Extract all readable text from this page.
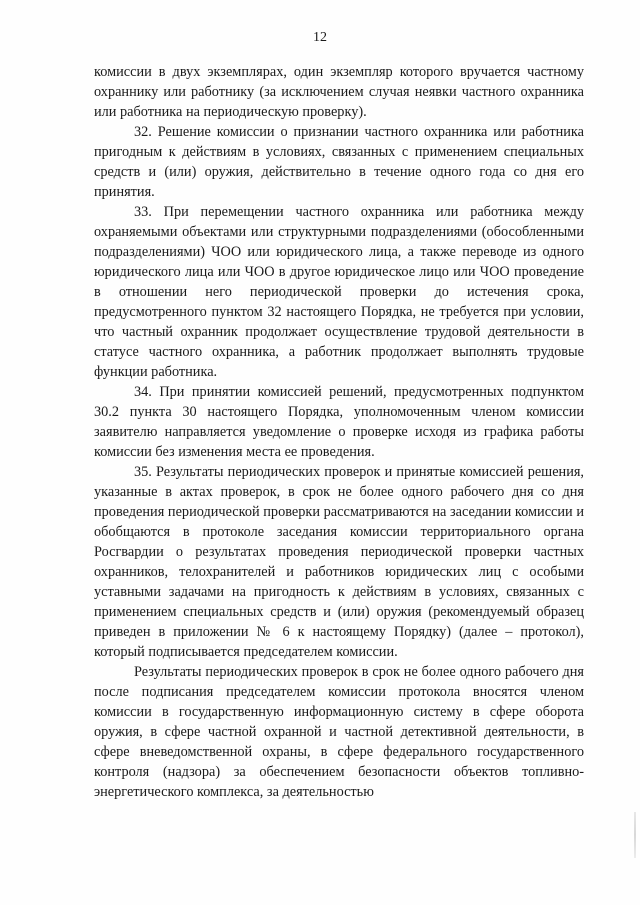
12

комиссии в двух экземплярах, один экземпляр которого вручается частному охраннику или работнику (за исключением случая неявки частного охранника или работника на периодическую проверку).

32. Решение комиссии о признании частного охранника или работника пригодным к действиям в условиях, связанных с применением специальных средств и (или) оружия, действительно в течение одного года со дня его принятия.

33. При перемещении частного охранника или работника между охраняемыми объектами или структурными подразделениями (обособленными подразделениями) ЧОО или юридического лица, а также переводе из одного юридического лица или ЧОО в другое юридическое лицо или ЧОО проведение в отношении него периодической проверки до истечения срока, предусмотренного пунктом 32 настоящего Порядка, не требуется при условии, что частный охранник продолжает осуществление трудовой деятельности в статусе частного охранника, а работник продолжает выполнять трудовые функции работника.

34. При принятии комиссией решений, предусмотренных подпунктом 30.2 пункта 30 настоящего Порядка, уполномоченным членом комиссии заявителю направляется уведомление о проверке исходя из графика работы комиссии без изменения места ее проведения.

35. Результаты периодических проверок и принятые комиссией решения, указанные в актах проверок, в срок не более одного рабочего дня со дня проведения периодической проверки рассматриваются на заседании комиссии и обобщаются в протоколе заседания комиссии территориального органа Росгвардии о результатах проведения периодической проверки частных охранников, телохранителей и работников юридических лиц с особыми уставными задачами на пригодность к действиям в условиях, связанных с применением специальных средств и (или) оружия (рекомендуемый образец приведен в приложении № 6 к настоящему Порядку) (далее – протокол), который подписывается председателем комиссии.

Результаты периодических проверок в срок не более одного рабочего дня после подписания председателем комиссии протокола вносятся членом комиссии в государственную информационную систему в сфере оборота оружия, в сфере частной охранной и частной детективной деятельности, в сфере вневедомственной охраны, в сфере федерального государственного контроля (надзора) за обеспечением безопасности объектов топливно-энергетического комплекса, за деятельностью
